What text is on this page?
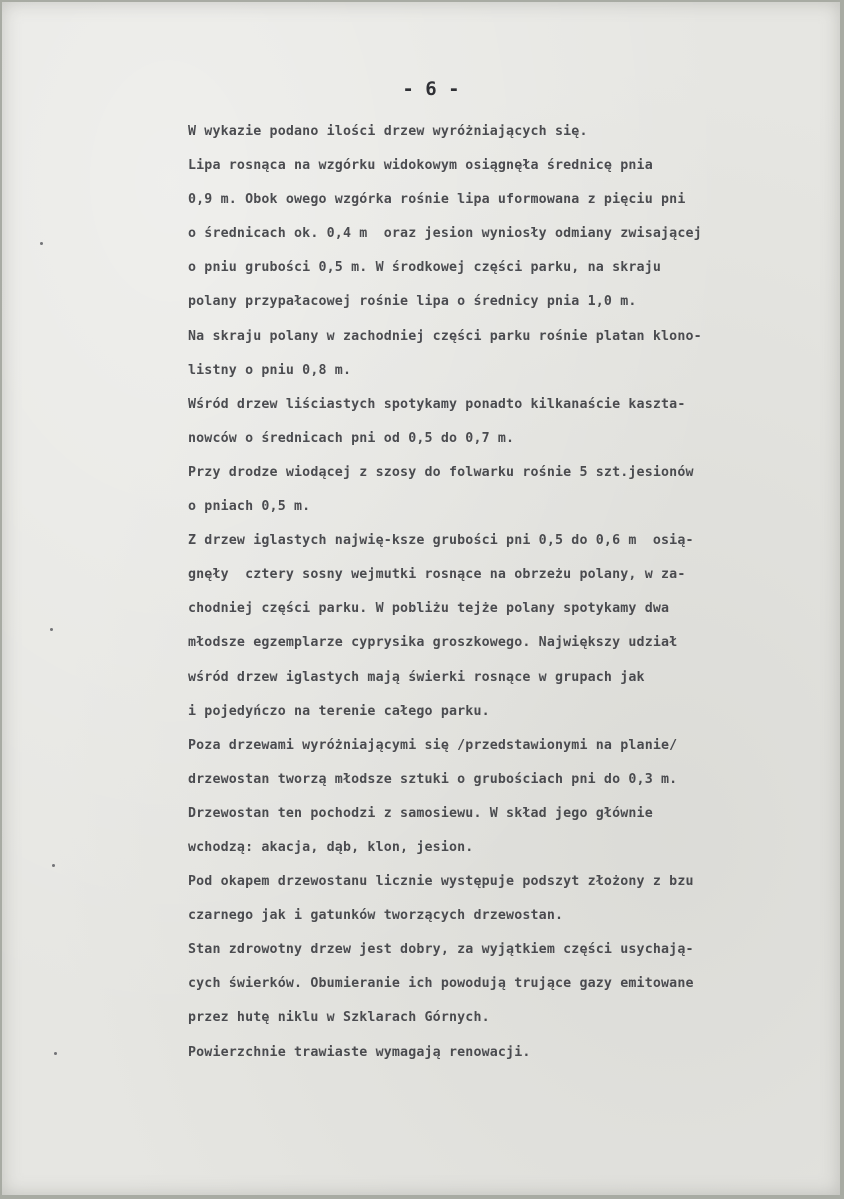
- 6 -
W wykazie podano ilości drzew wyróżniających się.
Lipa rosnąca na wzgórku widokowym osiągnęła średnicę pnia
0,9 m. Obok owego wzgórka rośnie lipa uformowana z pięciu pni
o średnicach ok. 0,4 m  oraz jesion wyniosły odmiany zwisającej
o pniu grubości 0,5 m. W środkowej części parku, na skraju
polany przypałacowej rośnie lipa o średnicy pnia 1,0 m.
Na skraju polany w zachodniej części parku rośnie platan klono-
listny o pniu 0,8 m.
Wśród drzew liściastych spotykamy ponadto kilkanaście kaszta-
nowców o średnicach pni od 0,5 do 0,7 m.
Przy drodze wiodącej z szosy do folwarku rośnie 5 szt.jesionów
o pniach 0,5 m.
Z drzew iglastych najwię-ksze grubości pni 0,5 do 0,6 m  osią-
gnęły  cztery sosny wejmutki rosnące na obrzeżu polany, w za-
chodniej części parku. W pobliżu tejże polany spotykamy dwa
młodsze egzemplarze cyprysika groszkowego. Największy udział
wśród drzew iglastych mają świerki rosnące w grupach jak
i pojedyńczo na terenie całego parku.
Poza drzewami wyróżniającymi się /przedstawionymi na planie/
drzewostan tworzą młodsze sztuki o grubościach pni do 0,3 m.
Drzewostan ten pochodzi z samosiewu. W skład jego głównie
wchodzą: akacja, dąb, klon, jesion.
Pod okapem drzewostanu licznie występuje podszyt złożony z bzu
czarnego jak i gatunków tworzących drzewostan.
Stan zdrowotny drzew jest dobry, za wyjątkiem części usychają-
cych świerków. Obumieranie ich powodują trujące gazy emitowane
przez hutę niklu w Szklarach Górnych.
Powierzchnie trawiaste wymagają renowacji.
